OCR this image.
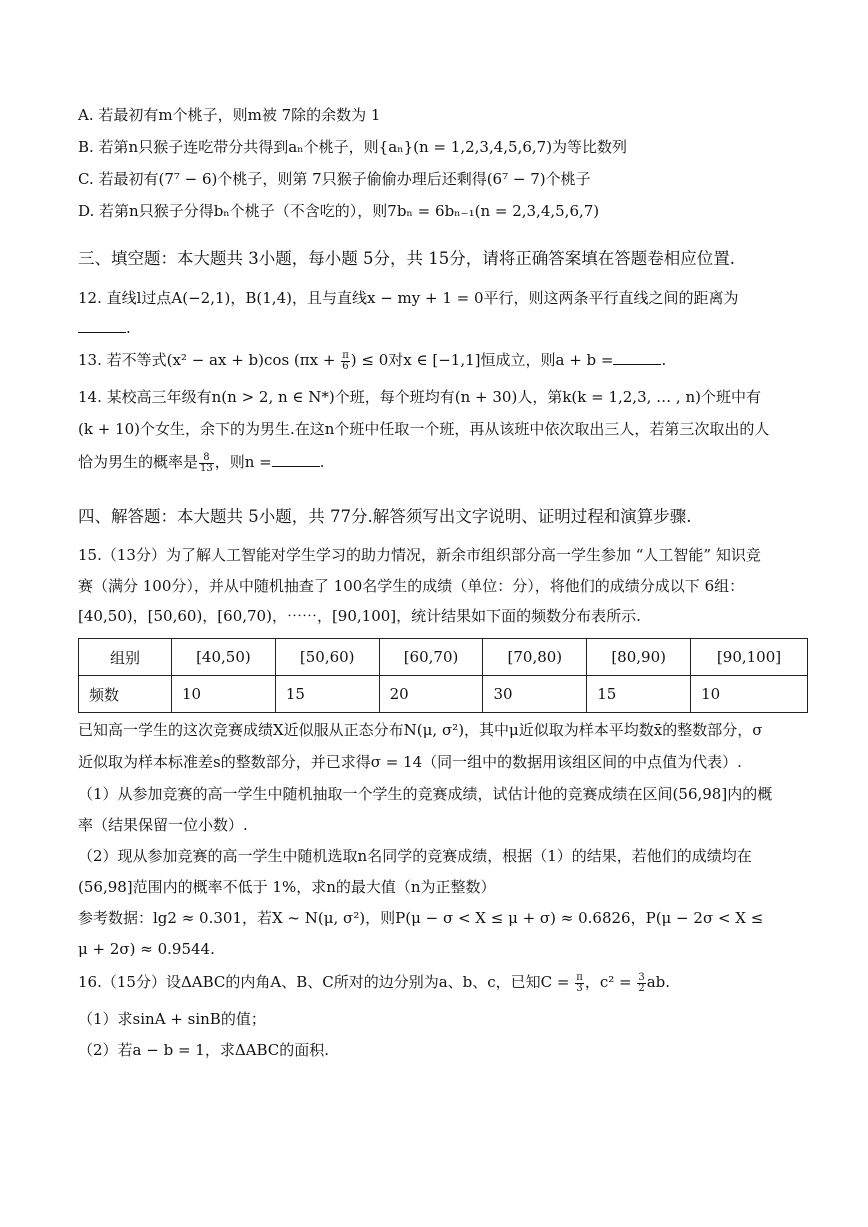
A. 若最初有m个桃子，则m被 7除的余数为 1
B. 若第n只猴子连吃带分共得到aₙ个桃子，则{aₙ}(n = 1,2,3,4,5,6,7)为等比数列
C. 若最初有(7⁷ − 6)个桃子，则第 7只猴子偷偷办理后还剩得(6⁷ − 7)个桃子
D. 若第n只猴子分得bₙ个桃子（不含吃的），则7bₙ = 6bₙ₋₁(n = 2,3,4,5,6,7)
三、填空题：本大题共 3小题，每小题 5分，共 15分，请将正确答案填在答题卷相应位置.
12. 直线l过点A(−2,1)，B(1,4)，且与直线x − my + 1 = 0平行，则这两条平行直线之间的距离为
.
13. 若不等式(x² − ax + b)cos ($\pi x + \frac{\pi}{6}$ ) ≤ 0对x ∈ [−1,1]恒成立，则a + b =	.
14. 某校高三年级有n(n > 2, n ∈ N*)个班，每个班均有(n + 30)人，第k(k = 1,2,3, … , n)个班中有
(k + 10)个女生，余下的为男生.在这n个班中任取一个班，再从该班中依次取出三人，若第三次取出的人
恰为男生的概率是 $\frac{8}{13}$ ，则n =	.
四、解答题：本大题共 5小题，共 77分.解答须写出文字说明、证明过程和演算步骤.
15.（13分）为了解人工智能对学生学习的助力情况，新余市组织部分高一学生参加 “人工智能” 知识竞
赛（满分 100分），并从中随机抽查了 100名学生的成绩（单位：分），将他们的成绩分成以下 6组：
[40,50)，[50,60)，[60,70)，⋯⋯，[90,100]，统计结果如下面的频数分布表所示.
组别	[40,50)	[50,60)	[60,70)	[70,80)	[80,90)	[90,100]
频数	10	15	20	30	15	10
已知高一学生的这次竞赛成绩X近似服从正态分布N(μ, σ²)，其中μ近似取为样本平均数x̄的整数部分，σ
近似取为样本标准差s的整数部分，并已求得σ = 14（同一组中的数据用该组区间的中点值为代表）.
（1）从参加竞赛的高一学生中随机抽取一个学生的竞赛成绩，试估计他的竞赛成绩在区间(56,98]内的概
率（结果保留一位小数）.
（2）现从参加竞赛的高一学生中随机选取n名同学的竞赛成绩，根据（1）的结果，若他们的成绩均在
(56,98]范围内的概率不低于 1%，求n的最大值（n为正整数）
参考数据：lg2 ≈ 0.301，若X ~ N(μ, σ²)，则P(μ − σ < X ≤ μ + σ) ≈ 0.6826，P(μ − 2σ < X ≤
μ + 2σ) ≈ 0.9544.
16.（15分）设ΔABC的内角A、B、C所对的边分别为a、b、c，已知$C = \frac{\pi}{3}$ ，$c^2 = \frac{3}{2}$ ab.
（1）求sinA + sinB的值；
（2）若a − b = 1，求ΔABC的面积.
